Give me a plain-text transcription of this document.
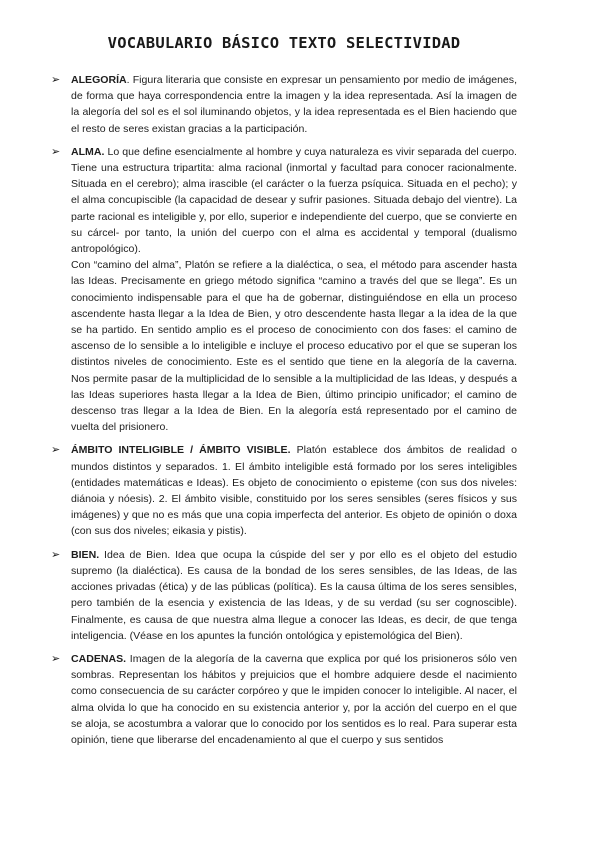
VOCABULARIO BÁSICO TEXTO SELECTIVIDAD
➢ ALEGORÍA. Figura literaria que consiste en expresar un pensamiento por medio de imágenes, de forma que haya correspondencia entre la imagen y la idea representada. Así la imagen de la alegoría del sol es el sol iluminando objetos, y la idea representada es el Bien haciendo que el resto de seres existan gracias a la participación.

➢ ALMA. Lo que define esencialmente al hombre y cuya naturaleza es vivir separada del cuerpo. Tiene una estructura tripartita: alma racional (inmortal y facultad para conocer racionalmente. Situada en el cerebro); alma irascible (el carácter o la fuerza psíquica. Situada en el pecho); y el alma concupiscible (la capacidad de desear y sufrir pasiones. Situada debajo del vientre). La parte racional es inteligible y, por ello, superior e independiente del cuerpo, que se convierte en su cárcel- por tanto, la unión del cuerpo con el alma es accidental y temporal (dualismo antropológico).

Con “camino del alma”, Platón se refiere a la dialéctica, o sea, el método para ascender hasta las Ideas. Precisamente en griego método significa “camino a través del que se llega”. Es un conocimiento indispensable para el que ha de gobernar, distinguiéndose en ella un proceso ascendente hasta llegar a la Idea de Bien, y otro descendente hasta llegar a la idea de la que se ha partido. En sentido amplio es el proceso de conocimiento con dos fases: el camino de ascenso de lo sensible a lo inteligible e incluye el proceso educativo por el que se superan los distintos niveles de conocimiento. Este es el sentido que tiene en la alegoría de la caverna. Nos permite pasar de la multiplicidad de lo sensible a la multiplicidad de las Ideas, y después a las Ideas superiores hasta llegar a la Idea de Bien, último principio unificador; el camino de descenso tras llegar a la Idea de Bien. En la alegoría está representado por el camino de vuelta del prisionero.

➢ ÁMBITO INTELIGIBLE / ÁMBITO VISIBLE. Platón establece dos ámbitos de realidad o mundos distintos y separados. 1. El ámbito inteligible está formado por los seres inteligibles (entidades matemáticas e Ideas). Es objeto de conocimiento o episteme (con sus dos niveles: diánoia y nóesis). 2. El ámbito visible, constituido por los seres sensibles (seres físicos y sus imágenes) y que no es más que una copia imperfecta del anterior. Es objeto de opinión o doxa (con sus dos niveles; eikasia y pistis).

➢ BIEN. Idea de Bien. Idea que ocupa la cúspide del ser y por ello es el objeto del estudio supremo (la dialéctica). Es causa de la bondad de los seres sensibles, de las Ideas, de las acciones privadas (ética) y de las públicas (política). Es la causa última de los seres sensibles, pero también de la esencia y existencia de las Ideas, y de su verdad (su ser cognoscible). Finalmente, es causa de que nuestra alma llegue a conocer las Ideas, es decir, de que tenga inteligencia. (Véase en los apuntes la función ontológica y epistemológica del Bien).

➢ CADENAS. Imagen de la alegoría de la caverna que explica por qué los prisioneros sólo ven sombras. Representan los hábitos y prejuicios que el hombre adquiere desde el nacimiento como consecuencia de su carácter corpóreo y que le impiden conocer lo inteligible. Al nacer, el alma olvida lo que ha conocido en su existencia anterior y, por la acción del cuerpo en el que se aloja, se acostumbra a valorar que lo conocido por los sentidos es lo real. Para superar esta opinión, tiene que liberarse del encadenamiento al que el cuerpo y sus sentidos
